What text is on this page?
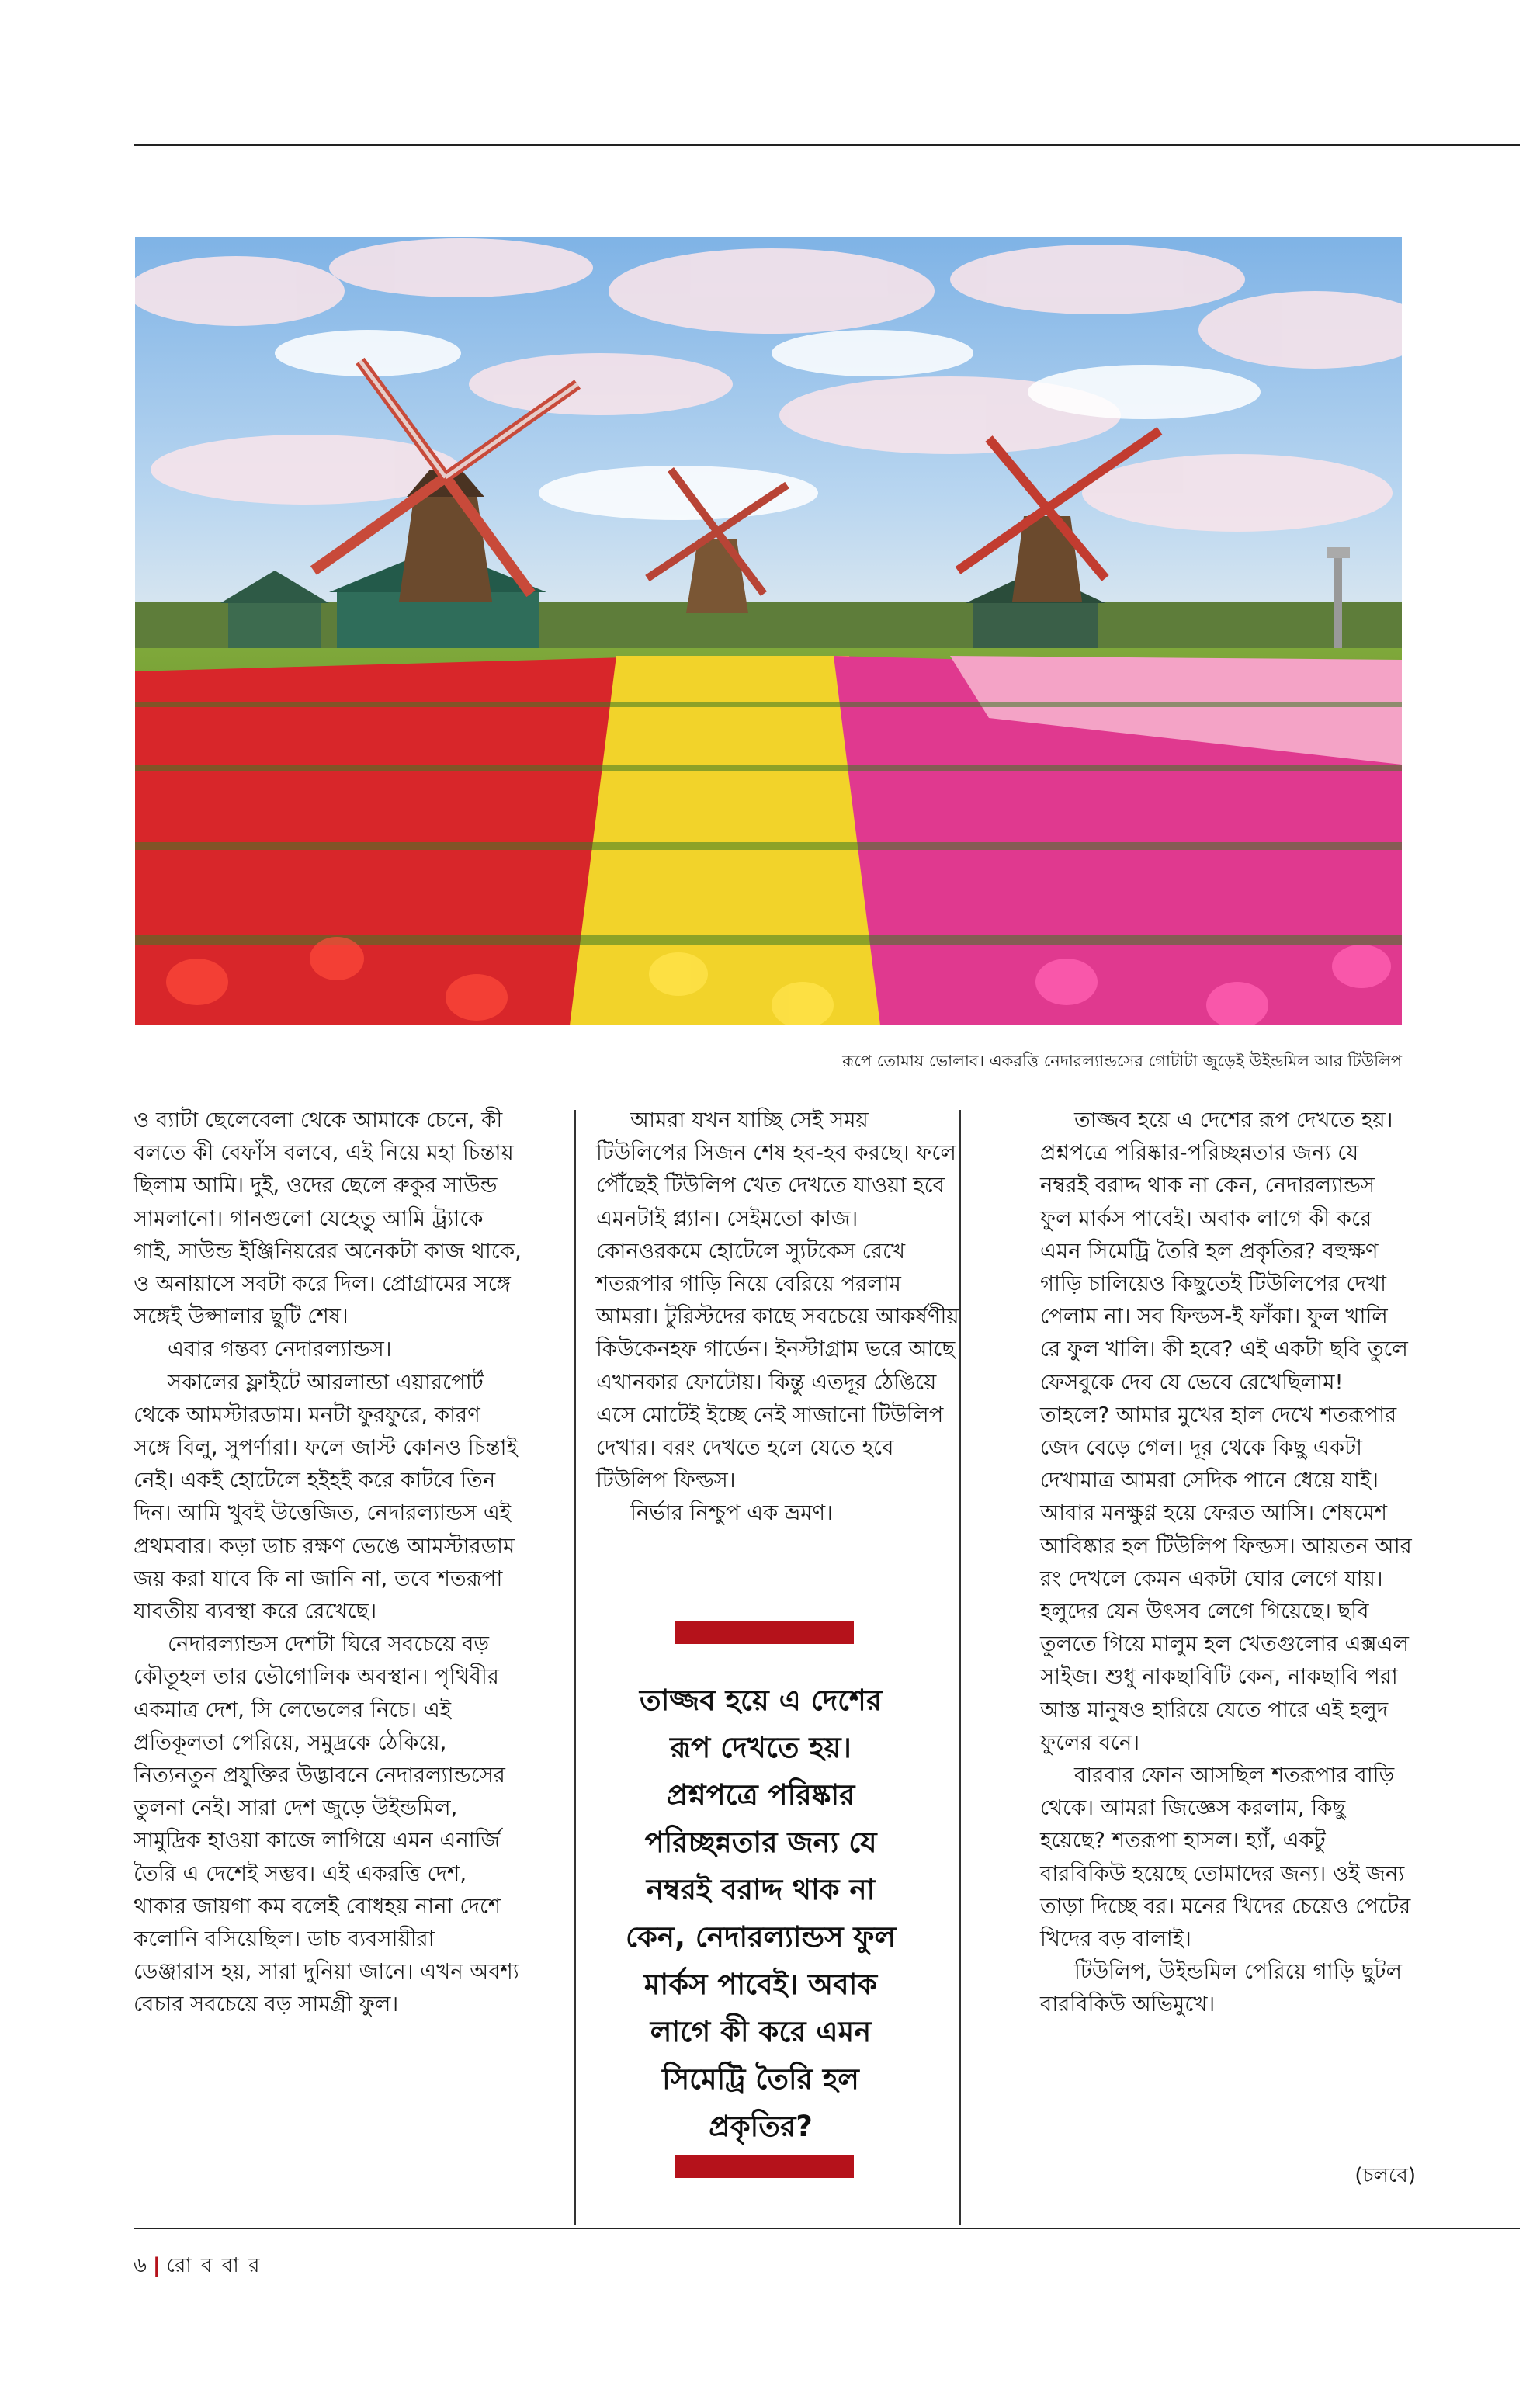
রূপে তোমায় ভোলাব। একরত্তি নেদারল্যান্ডসের গোটাটা জুড়েই উইন্ডমিল আর টিউলিপ

ও ব্যাটা ছেলেবেলা থেকে আমাকে চেনে, কী বলতে কী বেফাঁস বলবে, এই নিয়ে মহা চিন্তায় ছিলাম আমি। দুই, ওদের ছেলে রুকুর সাউন্ড সামলানো। গানগুলো যেহেতু আমি ট্র্যাকে গাই, সাউন্ড ইঞ্জিনিয়রের অনেকটা কাজ থাকে, ও অনায়াসে সবটা করে দিল। প্রোগ্রামের সঙ্গে সঙ্গেই উপ্সালার ছুটি শেষ।

এবার গন্তব্য নেদারল্যান্ডস।

সকালের ফ্লাইটে আরলান্ডা এয়ারপোর্ট থেকে আমস্টারডাম। মনটা ফুরফুরে, কারণ সঙ্গে বিলু, সুপর্ণারা। ফলে জাস্ট কোনও চিন্তাই নেই। একই হোটেলে হইহই করে কাটবে তিন দিন। আমি খুবই উত্তেজিত, নেদারল্যান্ডস এই প্রথমবার। কড়া ডাচ রক্ষণ ভেঙে আমস্টারডাম জয় করা যাবে কি না জানি না, তবে শতরূপা যাবতীয় ব্যবস্থা করে রেখেছে।

নেদারল্যান্ডস দেশটা ঘিরে সবচেয়ে বড় কৌতূহল তার ভৌগোলিক অবস্থান। পৃথিবীর একমাত্র দেশ, সি লেভেলের নিচে। এই প্রতিকূলতা পেরিয়ে, সমুদ্রকে ঠেকিয়ে, নিত্যনতুন প্রযুক্তির উদ্ভাবনে নেদারল্যান্ডসের তুলনা নেই। সারা দেশ জুড়ে উইন্ডমিল, সামুদ্রিক হাওয়া কাজে লাগিয়ে এমন এনার্জি তৈরি এ দেশেই সম্ভব। এই একরত্তি দেশ, থাকার জায়গা কম বলেই বোধহয় নানা দেশে কলোনি বসিয়েছিল। ডাচ ব্যবসায়ীরা ডেঞ্জারাস হয়, সারা দুনিয়া জানে। এখন অবশ্য বেচার সবচেয়ে বড় সামগ্রী ফুল।

আমরা যখন যাচ্ছি সেই সময় টিউলিপের সিজন শেষ হব-হব করছে। ফলে পৌঁছেই টিউলিপ খেত দেখতে যাওয়া হবে এমনটাই প্ল্যান। সেইমতো কাজ। কোনওরকমে হোটেলে স্যুটকেস রেখে শতরূপার গাড়ি নিয়ে বেরিয়ে পরলাম আমরা। টুরিস্টদের কাছে সবচেয়ে আকর্ষণীয় কিউকেনহফ গার্ডেন। ইনস্টাগ্রাম ভরে আছে এখানকার ফোটোয়। কিন্তু এতদূর ঠেঙিয়ে এসে মোটেই ইচ্ছে নেই সাজানো টিউলিপ দেখার। বরং দেখতে হলে যেতে হবে টিউলিপ ফিল্ডস।

নির্ভার নিশ্চুপ এক ভ্রমণ।

তাজ্জব হয়ে এ দেশের রূপ দেখতে হয়। প্রশ্নপত্রে পরিষ্কার পরিচ্ছন্নতার জন্য যে নম্বরই বরাদ্দ থাক না কেন, নেদারল্যান্ডস ফুল মার্কস পাবেই। অবাক লাগে কী করে এমন সিমেট্রি তৈরি হল প্রকৃতির?

তাজ্জব হয়ে এ দেশের রূপ দেখতে হয়। প্রশ্নপত্রে পরিষ্কার-পরিচ্ছন্নতার জন্য যে নম্বরই বরাদ্দ থাক না কেন, নেদারল্যান্ডস ফুল মার্কস পাবেই। অবাক লাগে কী করে এমন সিমেট্রি তৈরি হল প্রকৃতির? বহুক্ষণ গাড়ি চালিয়েও কিছুতেই টিউলিপের দেখা পেলাম না। সব ফিল্ডস-ই ফাঁকা। ফুল খালি রে ফুল খালি। কী হবে? এই একটা ছবি তুলে ফেসবুকে দেব যে ভেবে রেখেছিলাম! তাহলে? আমার মুখের হাল দেখে শতরূপার জেদ বেড়ে গেল। দূর থেকে কিছু একটা দেখামাত্র আমরা সেদিক পানে ধেয়ে যাই। আবার মনক্ষুণ্ণ হয়ে ফেরত আসি। শেষমেশ আবিষ্কার হল টিউলিপ ফিল্ডস। আয়তন আর রং দেখলে কেমন একটা ঘোর লেগে যায়। হলুদের যেন উৎসব লেগে গিয়েছে। ছবি তুলতে গিয়ে মালুম হল খেতগুলোর এক্সএল সাইজ। শুধু নাকছাবিটি কেন, নাকছাবি পরা আস্ত মানুষও হারিয়ে যেতে পারে এই হলুদ ফুলের বনে।

বারবার ফোন আসছিল শতরূপার বাড়ি থেকে। আমরা জিজ্ঞেস করলাম, কিছু হয়েছে? শতরূপা হাসল। হ্যাঁ, একটু বারবিকিউ হয়েছে তোমাদের জন্য। ওই জন্য তাড়া দিচ্ছে বর। মনের খিদের চেয়েও পেটের খিদের বড় বালাই।

টিউলিপ, উইন্ডমিল পেরিয়ে গাড়ি ছুটল বারবিকিউ অভিমুখে।

(চলবে)
৬ | রো ব বা র
